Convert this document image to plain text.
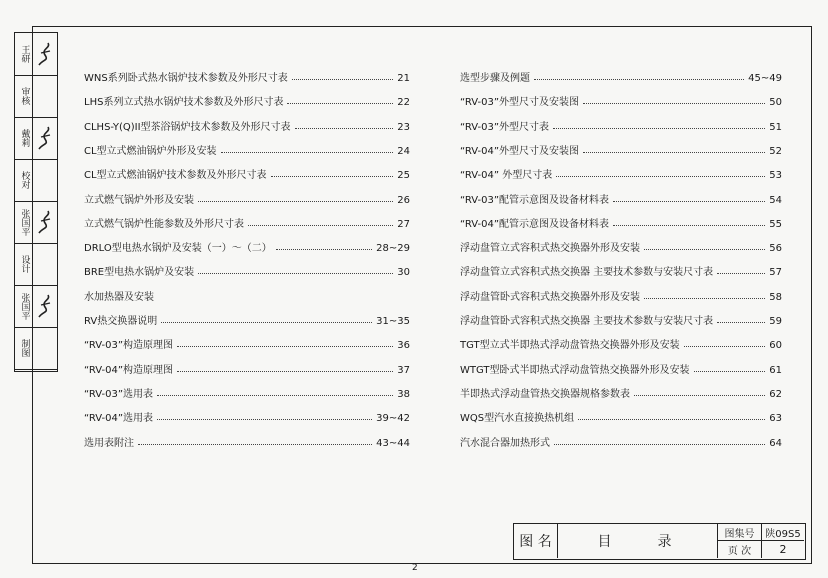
王研
审核
戴莉
校对
张国平
设计
张国平
制图
WNS系列卧式热水锅炉技术参数及外形尺寸表	21
LHS系列立式热水锅炉技术参数及外形尺寸表	22
CLHS-Y(Q)II型茶浴锅炉技术参数及外形尺寸表	23
CL型立式燃油锅炉外形及安装	24
CL型立式燃油锅炉技术参数及外形尺寸表	25
立式燃气锅炉外形及安装	26
立式燃气锅炉性能参数及外形尺寸表	27
DRLO型电热水锅炉及安装（一）～（二）	28~29
BRE型电热水锅炉及安装	30
水加热器及安装
RV热交换器说明	31~35
“RV-03”构造原理图	36
“RV-04”构造原理图	37
“RV-03”选用表	38
“RV-04”选用表	39~42
选用表附注	43~44
选型步骤及例题	45~49
“RV-03”外型尺寸及安装图	50
“RV-03”外型尺寸表	51
“RV-04”外型尺寸及安装图	52
“RV-04” 外型尺寸表	53
“RV-03”配管示意图及设备材料表	54
“RV-04”配管示意图及设备材料表	55
浮动盘管立式容积式热交换器外形及安装	56
浮动盘管立式容积式热交换器 主要技术参数与安装尺寸表	57
浮动盘管卧式容积式热交换器外形及安装	58
浮动盘管卧式容积式热交换器 主要技术参数与安装尺寸表	59
TGT型立式半即热式浮动盘管热交换器外形及安装	60
WTGT型卧式半即热式浮动盘管热交换器外形及安装	61
半即热式浮动盘管热交换器规格参数表	62
WQS型汽水直接换热机组	63
汽水混合器加热形式	64
图 名	目　　录	图集号	陕09S5
页 次	2
2
